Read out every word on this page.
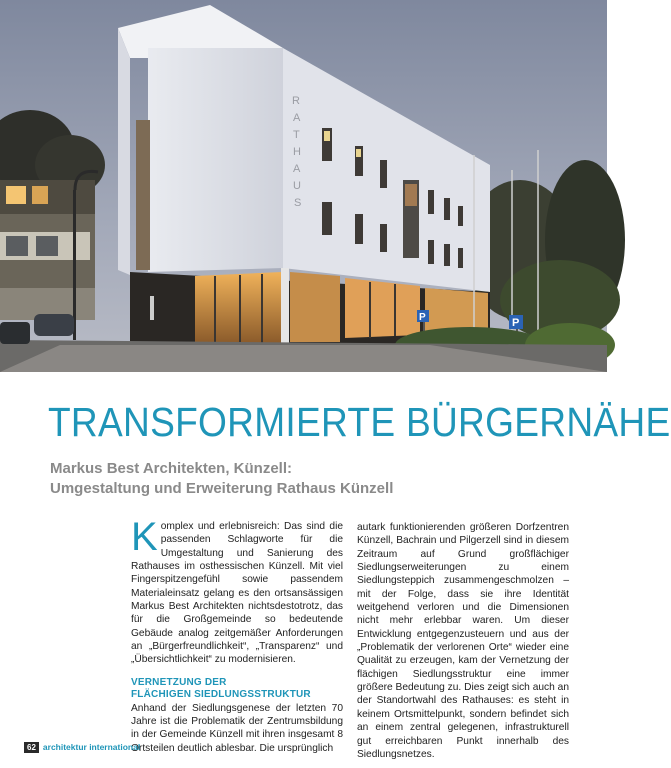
R
A
T
H
A
U
S
P	P
TRANSFORMIERTE BÜRGERNÄHE
Markus Best Architekten, Künzell:
Umgestaltung und Erweiterung Rathaus Künzell
K omplex und erlebnisreich: Das sind die passenden Schlagworte für die Umgestaltung und Sanierung des Rathauses im osthessischen Künzell. Mit viel Fingerspitzengefühl sowie passendem Materialeinsatz gelang es den ortsansässigen Markus Best Architekten nichtsdestotrotz, das für die Großgemeinde so bedeutende Gebäude analog zeitgemäßer Anforderungen an „Bürgerfreundlichkeit“, „Transparenz“ und „Übersichtlichkeit“ zu modernisieren.
VERNETZUNG DER
FLÄCHIGEN SIEDLUNGSSTRUKTUR
Anhand der Siedlungsgenese der letzten 70 Jahre ist die Problematik der Zentrumsbildung in der Gemeinde Künzell mit ihren insgesamt 8 Ortsteilen deutlich ablesbar. Die ursprünglich
autark funktionierenden größeren Dorfzentren Künzell, Bachrain und Pilgerzell sind in diesem Zeitraum auf Grund großflächiger Siedlungserweiterungen zu einem Siedlungsteppich zusammengeschmolzen – mit der Folge, dass sie ihre Identität weitgehend verloren und die Dimensionen nicht mehr erlebbar waren. Um dieser Entwicklung entgegenzusteuern und aus der „Problematik der verlorenen Orte“ wieder eine Qualität zu erzeugen, kam der Vernetzung der flächigen Siedlungsstruktur eine immer größere Bedeutung zu. Dies zeigt sich auch an der Standortwahl des Rathauses: es steht in keinem Ortsmittelpunkt, sondern befindet sich an einem zentral gelegenen, infrastrukturell gut erreichbaren Punkt innerhalb des Siedlungsnetzes.
62 architektur international
